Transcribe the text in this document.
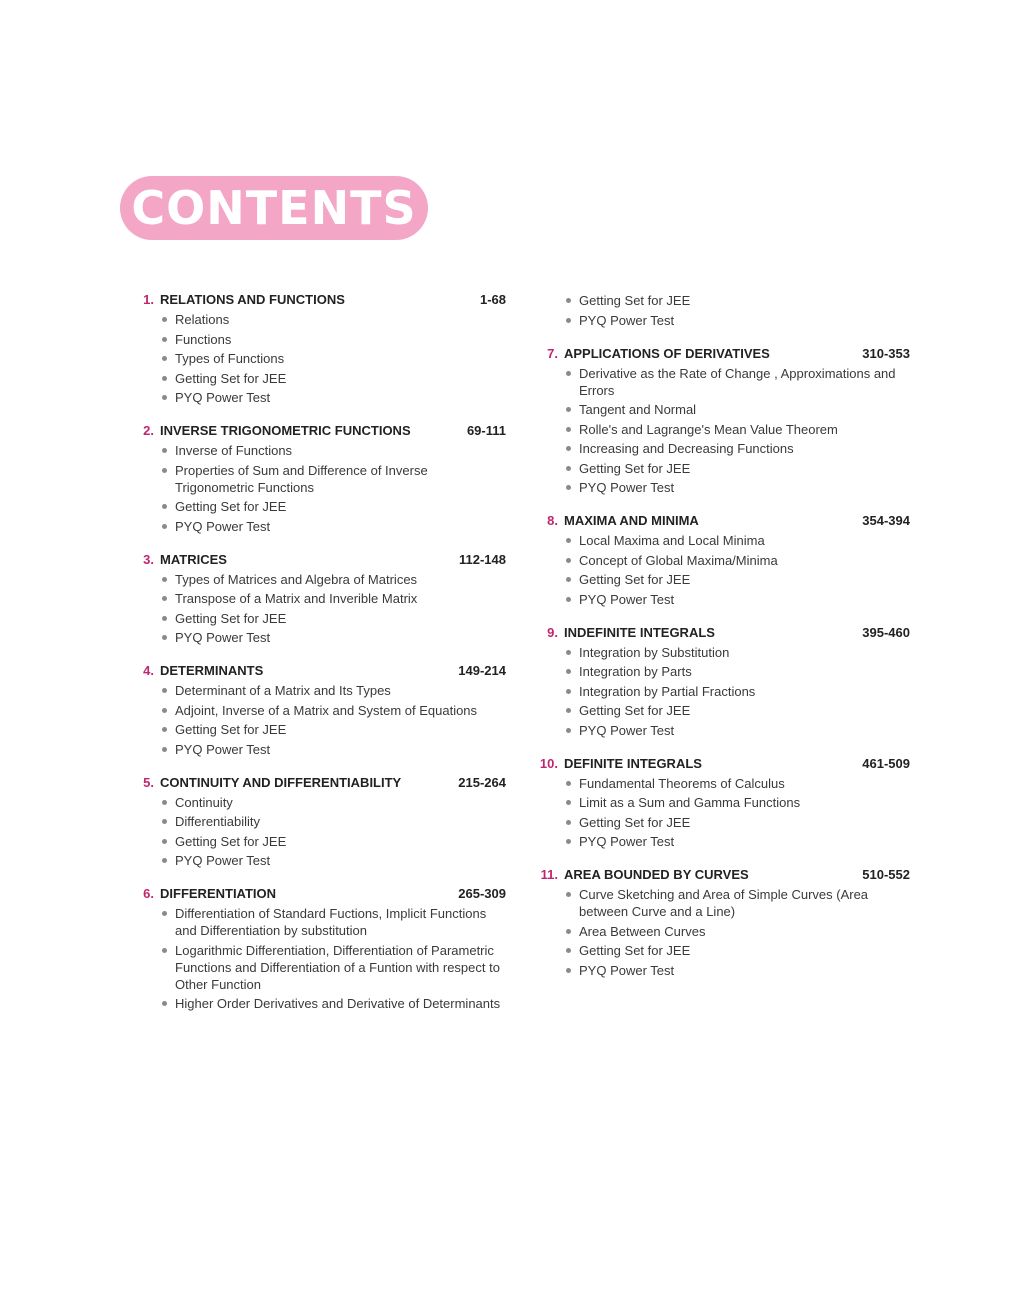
CONTENTS
1. RELATIONS AND FUNCTIONS	1-68
Relations
Functions
Types of Functions
Getting Set for JEE
PYQ Power Test
2. INVERSE TRIGONOMETRIC FUNCTIONS	69-111
Inverse of Functions
Properties of Sum and Difference of Inverse Trigonometric Functions
Getting Set for JEE
PYQ Power Test
3. MATRICES	112-148
Types of Matrices and Algebra of Matrices
Transpose of a Matrix and Inverible Matrix
Getting Set for JEE
PYQ Power Test
4. DETERMINANTS	149-214
Determinant of a Matrix and Its Types
Adjoint, Inverse of a Matrix and System of Equations
Getting Set for JEE
PYQ Power Test
5. CONTINUITY AND DIFFERENTIABILITY	215-264
Continuity
Differentiability
Getting Set for JEE
PYQ Power Test
6. DIFFERENTIATION	265-309
Differentiation of Standard Fuctions, Implicit Functions and Differentiation by substitution
Logarithmic Differentiation, Differentiation of Parametric Functions and Differentiation of a Funtion with respect to Other Function
Higher Order Derivatives and Derivative of Determinants
Getting Set for JEE
PYQ Power Test
7. APPLICATIONS OF DERIVATIVES	310-353
Derivative as the Rate of Change , Approximations and Errors
Tangent and Normal
Rolle's and Lagrange's Mean Value Theorem
Increasing and Decreasing Functions
Getting Set for JEE
PYQ Power Test
8. MAXIMA AND MINIMA	354-394
Local Maxima and Local Minima
Concept of Global Maxima/Minima
Getting Set for JEE
PYQ Power Test
9. INDEFINITE INTEGRALS	395-460
Integration by Substitution
Integration by Parts
Integration by Partial Fractions
Getting Set for JEE
PYQ Power Test
10. DEFINITE INTEGRALS	461-509
Fundamental Theorems of Calculus
Limit as a Sum and Gamma Functions
Getting Set for JEE
PYQ Power Test
11. AREA BOUNDED BY CURVES	510-552
Curve Sketching and Area of Simple Curves (Area between Curve and a Line)
Area Between Curves
Getting Set for JEE
PYQ Power Test
